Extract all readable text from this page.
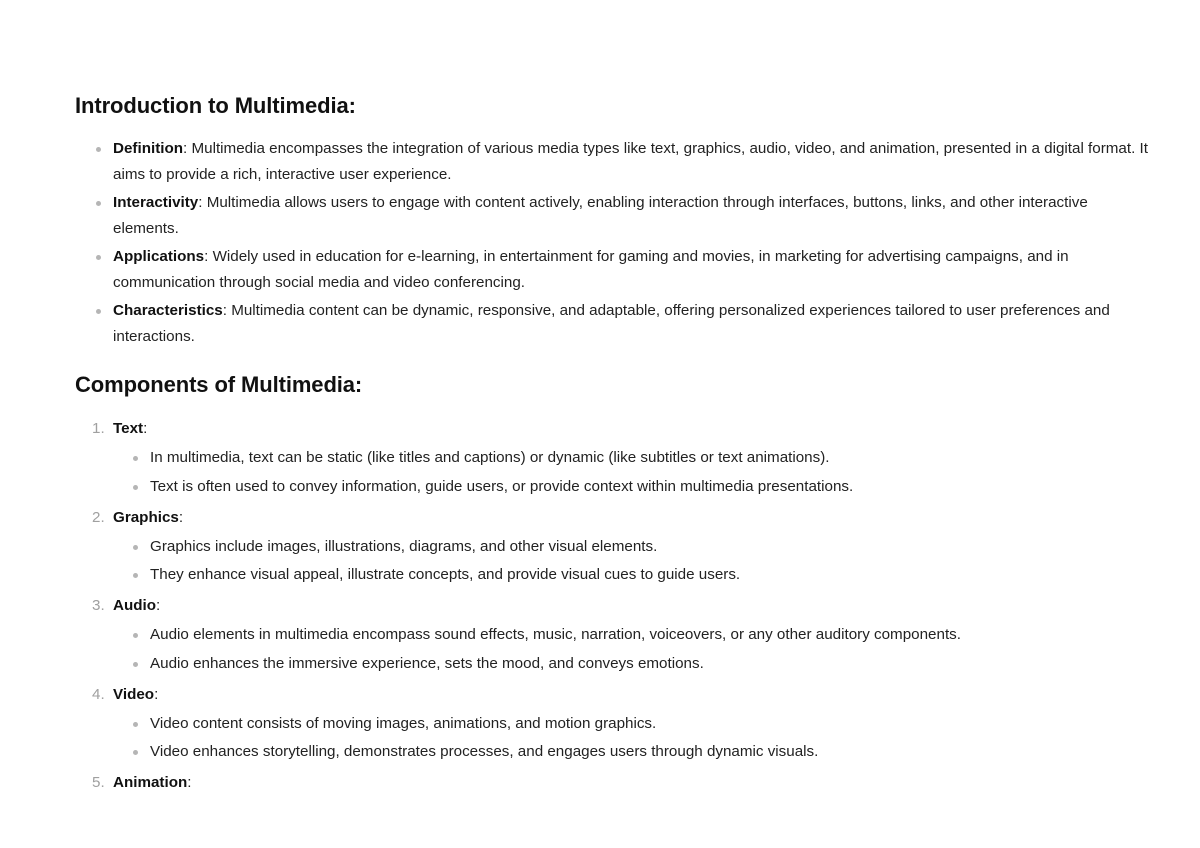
Introduction to Multimedia:
Definition: Multimedia encompasses the integration of various media types like text, graphics, audio, video, and animation, presented in a digital format. It aims to provide a rich, interactive user experience.
Interactivity: Multimedia allows users to engage with content actively, enabling interaction through interfaces, buttons, links, and other interactive elements.
Applications: Widely used in education for e-learning, in entertainment for gaming and movies, in marketing for advertising campaigns, and in communication through social media and video conferencing.
Characteristics: Multimedia content can be dynamic, responsive, and adaptable, offering personalized experiences tailored to user preferences and interactions.
Components of Multimedia:
1. Text:
In multimedia, text can be static (like titles and captions) or dynamic (like subtitles or text animations).
Text is often used to convey information, guide users, or provide context within multimedia presentations.
2. Graphics:
Graphics include images, illustrations, diagrams, and other visual elements.
They enhance visual appeal, illustrate concepts, and provide visual cues to guide users.
3. Audio:
Audio elements in multimedia encompass sound effects, music, narration, voiceovers, or any other auditory components.
Audio enhances the immersive experience, sets the mood, and conveys emotions.
4. Video:
Video content consists of moving images, animations, and motion graphics.
Video enhances storytelling, demonstrates processes, and engages users through dynamic visuals.
5. Animation:
